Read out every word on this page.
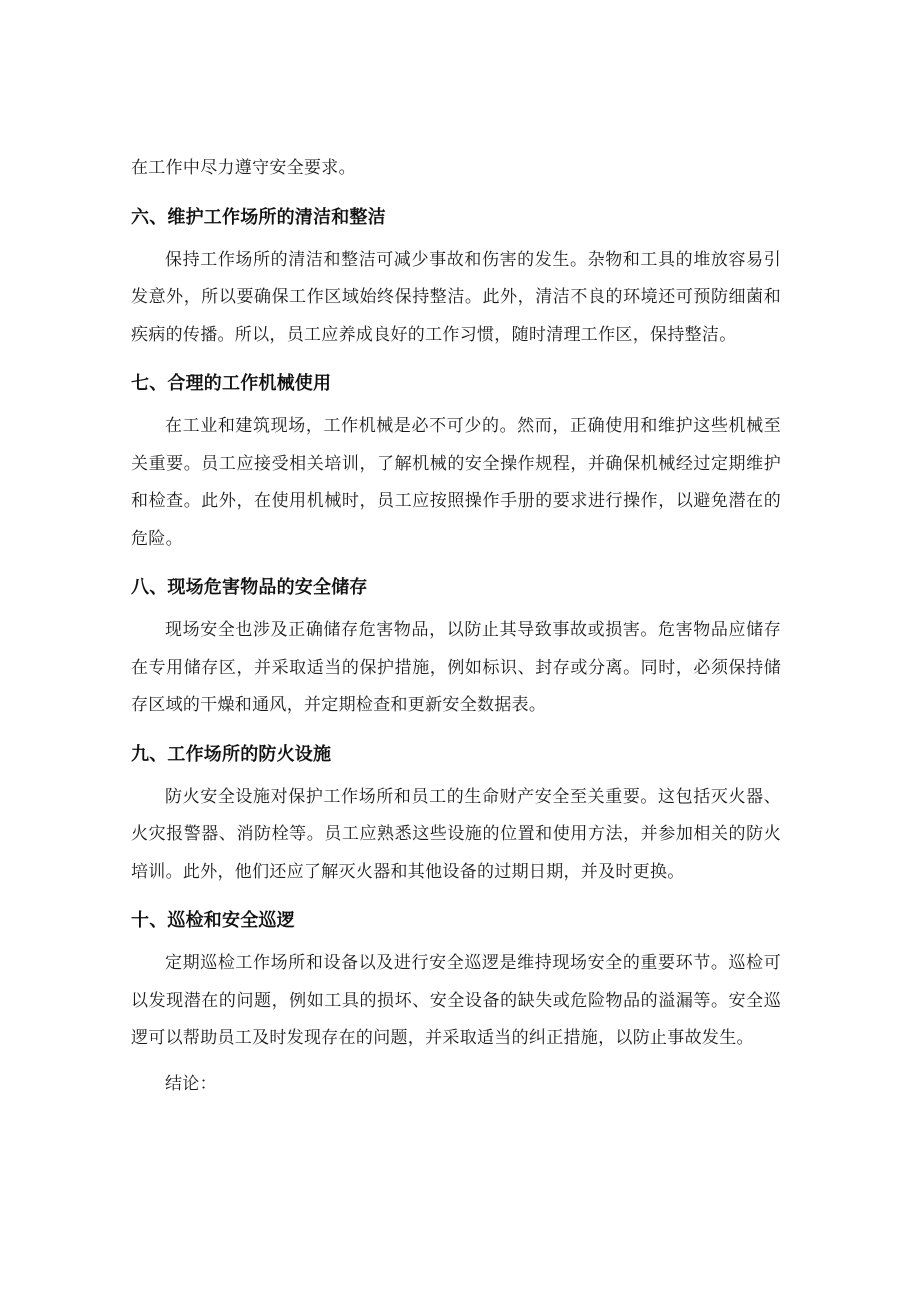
在工作中尽力遵守安全要求。

六、维护工作场所的清洁和整洁

保持工作场所的清洁和整洁可减少事故和伤害的发生。杂物和工具的堆放容易引发意外，所以要确保工作区域始终保持整洁。此外，清洁不良的环境还可预防细菌和疾病的传播。所以，员工应养成良好的工作习惯，随时清理工作区，保持整洁。

七、合理的工作机械使用

在工业和建筑现场，工作机械是必不可少的。然而，正确使用和维护这些机械至关重要。员工应接受相关培训，了解机械的安全操作规程，并确保机械经过定期维护和检查。此外，在使用机械时，员工应按照操作手册的要求进行操作，以避免潜在的危险。

八、现场危害物品的安全储存

现场安全也涉及正确储存危害物品，以防止其导致事故或损害。危害物品应储存在专用储存区，并采取适当的保护措施，例如标识、封存或分离。同时，必须保持储存区域的干燥和通风，并定期检查和更新安全数据表。

九、工作场所的防火设施

防火安全设施对保护工作场所和员工的生命财产安全至关重要。这包括灭火器、火灾报警器、消防栓等。员工应熟悉这些设施的位置和使用方法，并参加相关的防火培训。此外，他们还应了解灭火器和其他设备的过期日期，并及时更换。

十、巡检和安全巡逻

定期巡检工作场所和设备以及进行安全巡逻是维持现场安全的重要环节。巡检可以发现潜在的问题，例如工具的损坏、安全设备的缺失或危险物品的溢漏等。安全巡逻可以帮助员工及时发现存在的问题，并采取适当的纠正措施，以防止事故发生。

结论：
